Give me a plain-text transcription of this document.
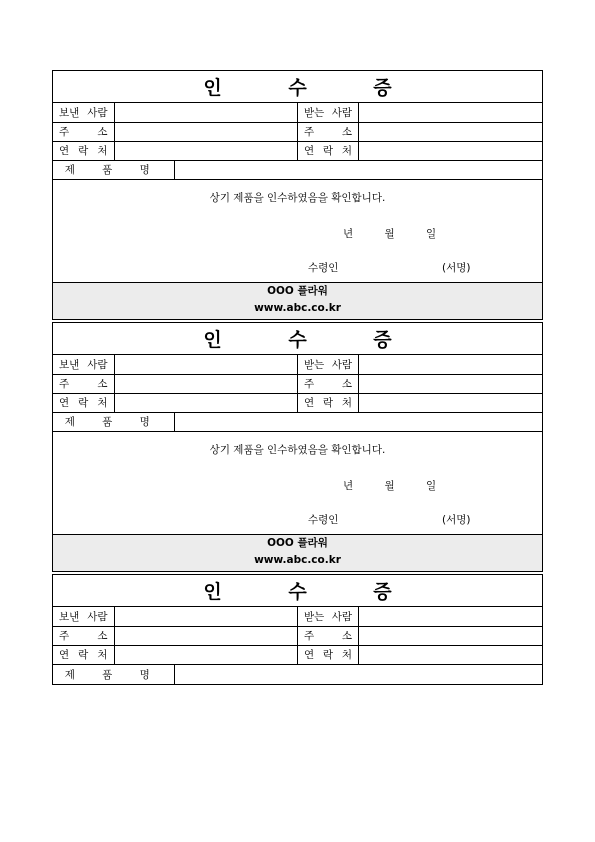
인 수 증
보낸 사람		받는 사람	

주 소		주 소	

연 락 처		연 락 처	

제 품 명	
상기 제품을 인수하였음을 확인합니다.
년 월 일
수령인	(서명)
OOO 플라워
www.abc.co.kr
인 수 증
보낸 사람		받는 사람	

주 소		주 소	

연 락 처		연 락 처	

제 품 명	
상기 제품을 인수하였음을 확인합니다.
년 월 일
수령인	(서명)
OOO 플라워
www.abc.co.kr
인 수 증
보낸 사람		받는 사람	

주 소		주 소	

연 락 처		연 락 처	

제 품 명	
